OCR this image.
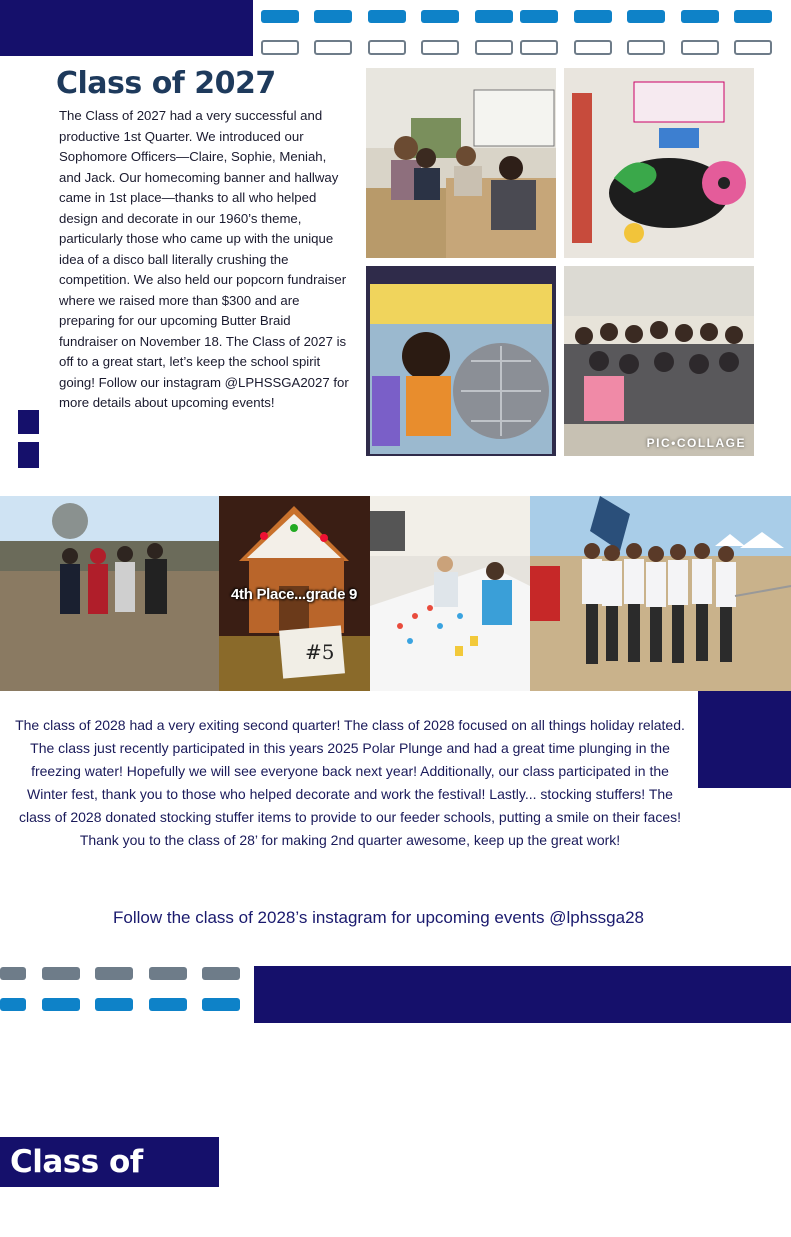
Class of 2027

The Class of 2027 had a very successful and productive 1st Quarter. We introduced our Sophomore Officers—Claire, Sophie, Meniah, and Jack. Our homecoming banner and hallway came in 1st place—thanks to all who helped design and decorate in our 1960’s theme, particularly those who came up with the unique idea of a disco ball literally crushing the competition. We also held our popcorn fundraiser where we raised more than $300 and are preparing for our upcoming Butter Braid fundraiser on November 18. The Class of 2027 is off to a great start, let’s keep the school spirit going! Follow our instagram @LPHSSGA2027 for more details about upcoming events!

PIC•COLLAGE
Class of 2028
4th Place...grade 9
#5

The class of 2028 had a very exiting second quarter! The class of 2028 focused on all things holiday related. The class just recently participated in this years 2025 Polar Plunge and had a great time plunging in the freezing water! Hopefully we will see everyone back next year! Additionally, our class participated in the Winter fest, thank you to those who helped decorate and work the festival! Lastly... stocking stuffers! The class of 2028 donated stocking stuffer items to provide to our feeder schools, putting a smile on their faces! Thank you to the class of 28’ for making 2nd quarter awesome, keep up the great work!

Follow the class of 2028’s instagram for upcoming events @lphssga28
